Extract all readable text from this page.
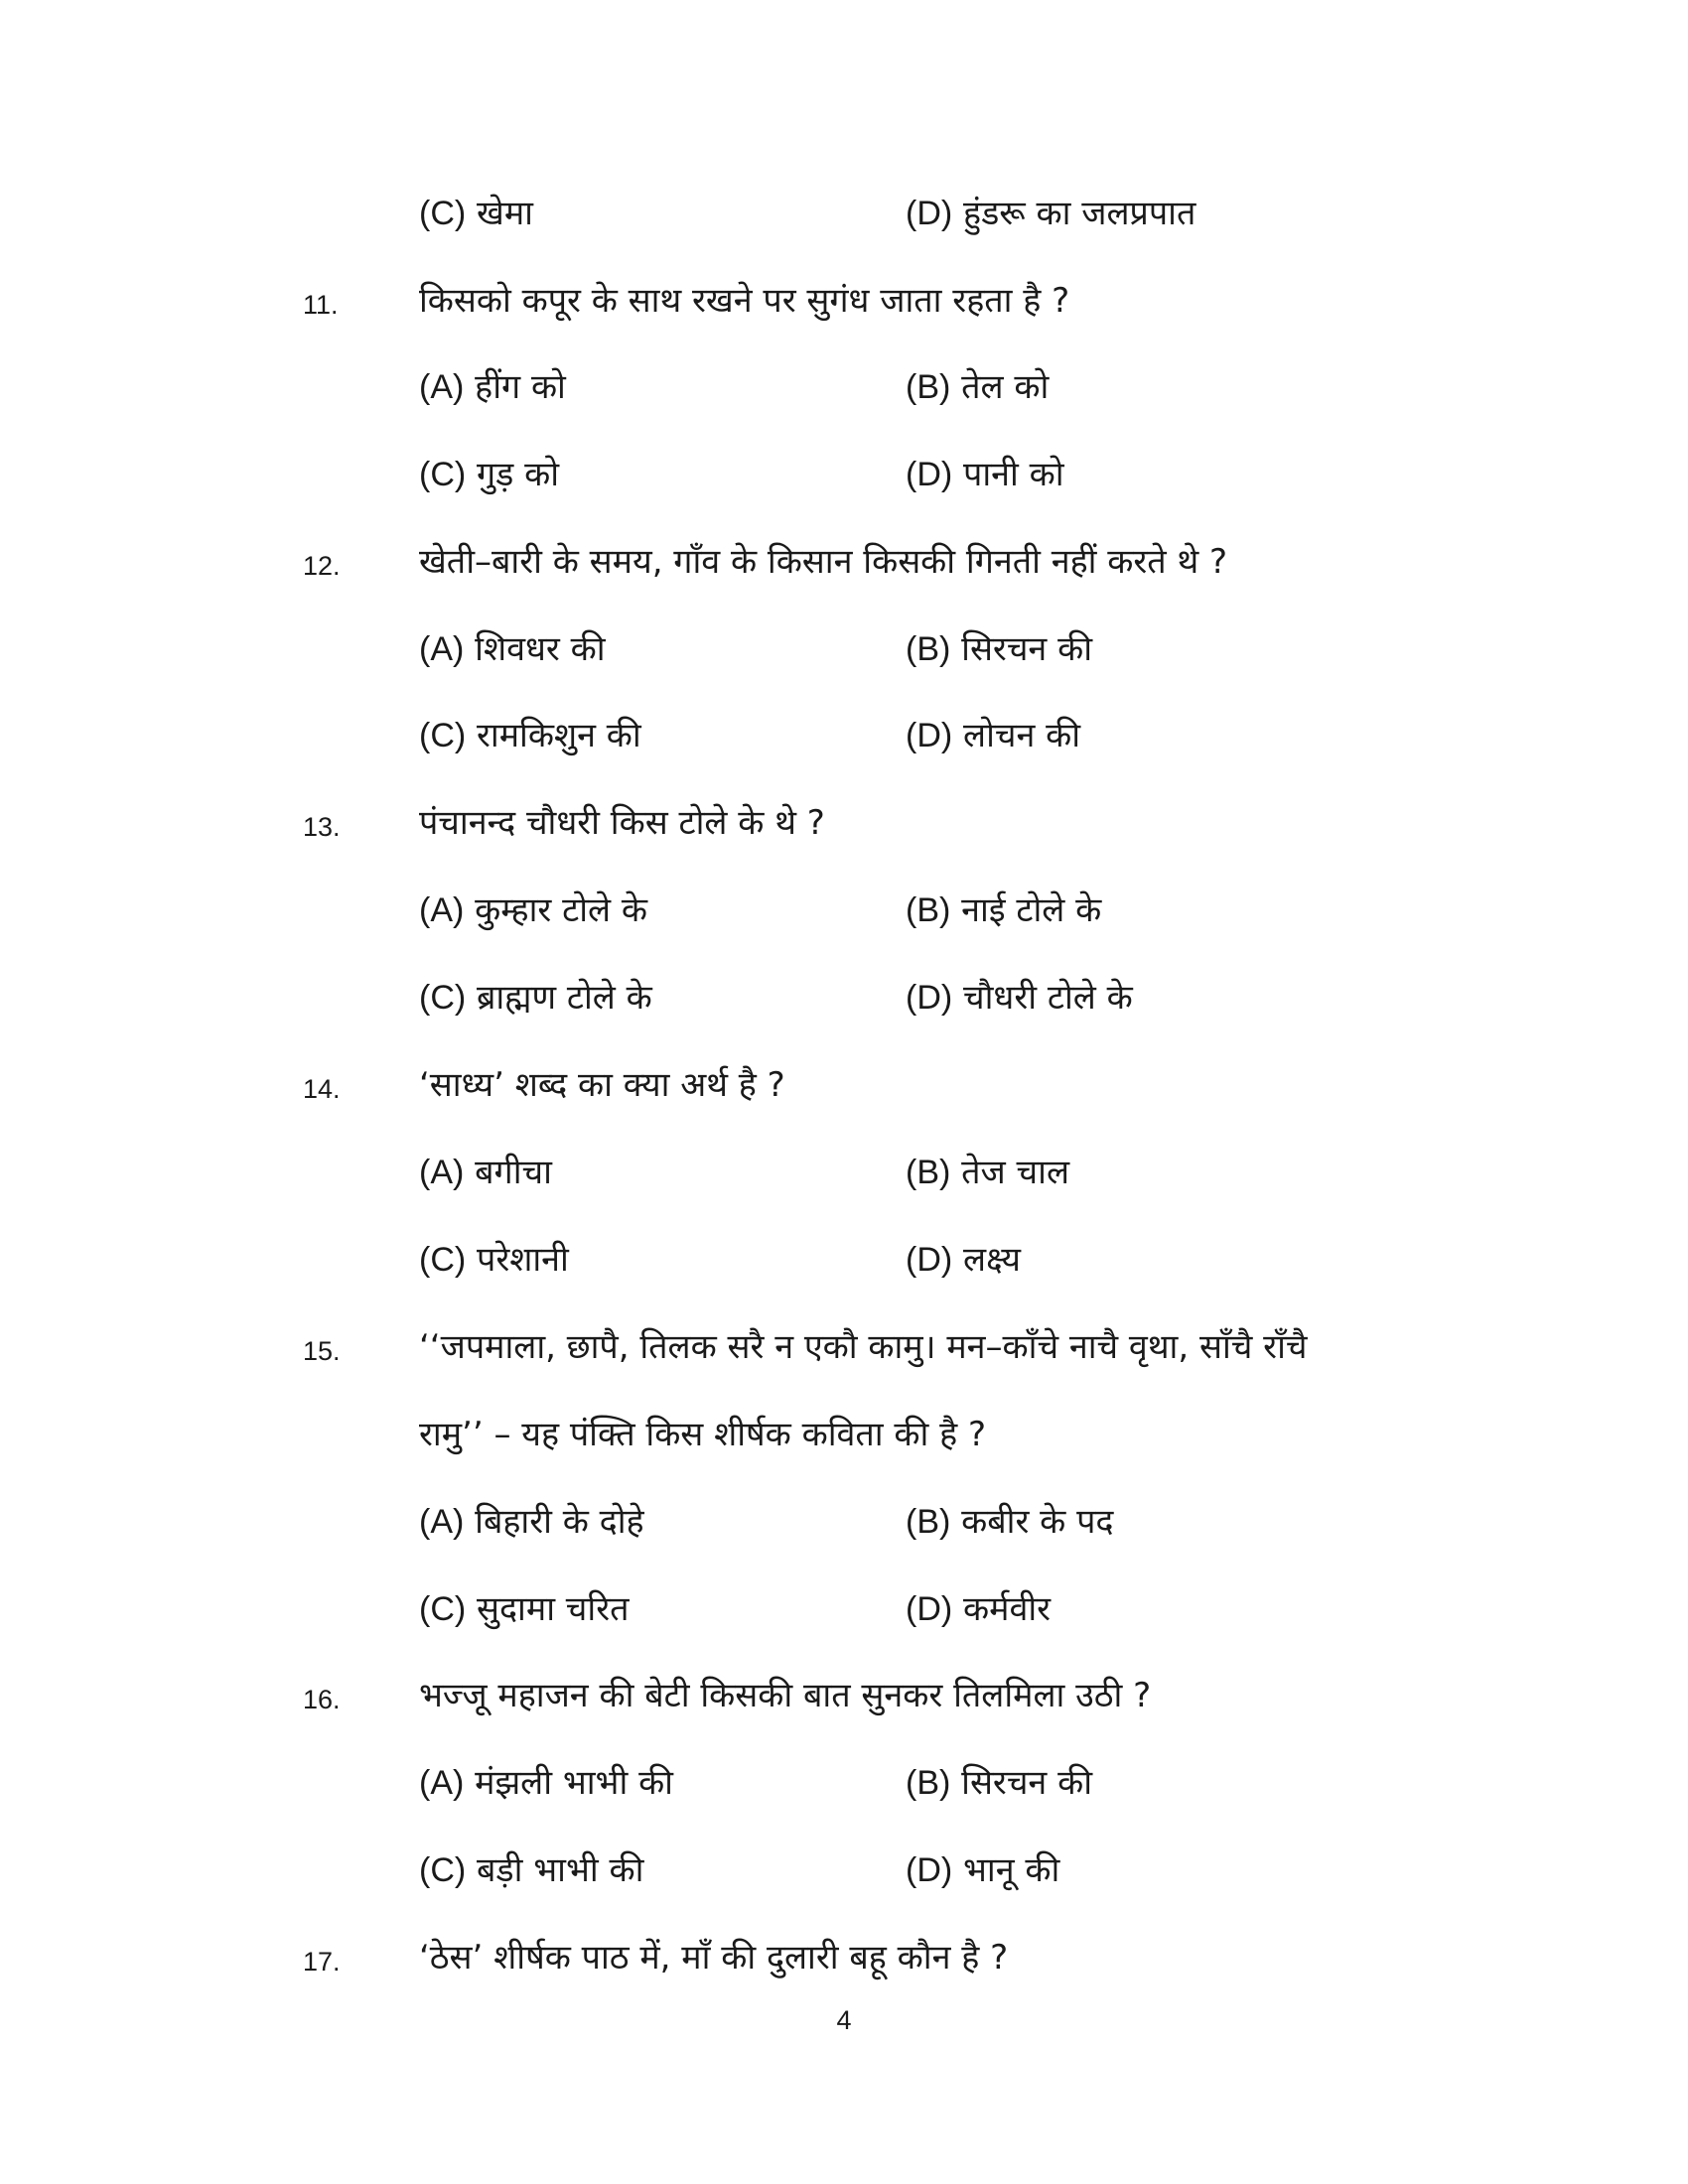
(C) खेमा	(D) हुंडरू का जलप्रपात
11. किसको कपूर के साथ रखने पर सुगंध जाता रहता है ?
(A) हींग को	(B) तेल को
(C) गुड़ को	(D) पानी को
12. खेती–बारी के समय, गाँव के किसान किसकी गिनती नहीं करते थे ?
(A) शिवधर की	(B) सिरचन की
(C) रामकिशुन की	(D) लोचन की
13. पंचानन्द चौधरी किस टोले के थे ?
(A) कुम्हार टोले के	(B) नाई टोले के
(C) ब्राह्मण टोले के	(D) चौधरी टोले के
14. ‘साध्य’ शब्द का क्या अर्थ है ?
(A) बगीचा	(B) तेज चाल
(C) परेशानी	(D) लक्ष्य
15. ‘‘जपमाला, छापै, तिलक सरै न एकौ कामु। मन–काँचे नाचै वृथा, साँचै राँचै
रामु’’ – यह पंक्ति किस शीर्षक कविता की है ?
(A) बिहारी के दोहे	(B) कबीर के पद
(C) सुदामा चरित	(D) कर्मवीर
16. भज्जू महाजन की बेटी किसकी बात सुनकर तिलमिला उठी ?
(A) मंझली भाभी की	(B) सिरचन की
(C) बड़ी भाभी की	(D) भानू की
17. ‘ठेस’ शीर्षक पाठ में, माँ की दुलारी बहू कौन है ?
4
